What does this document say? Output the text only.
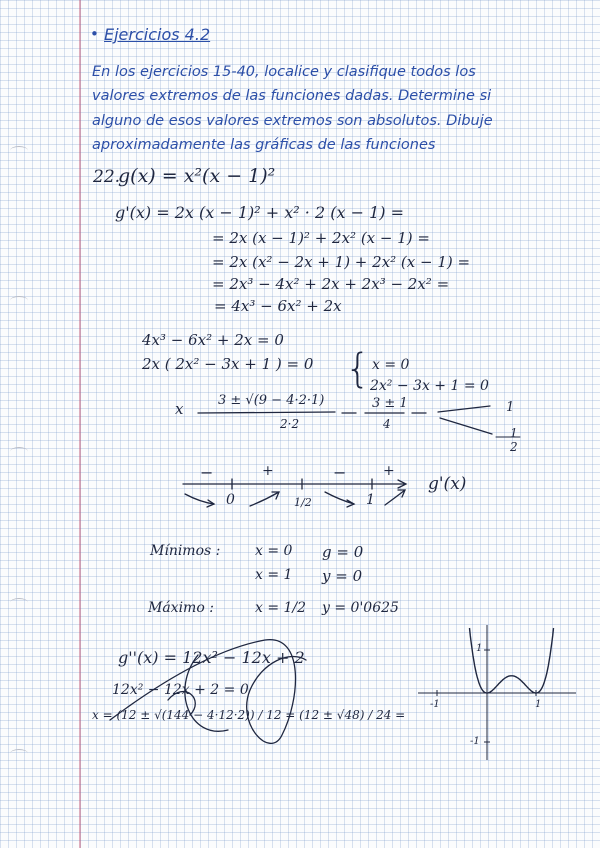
• Ejercicios 4.2
En los ejercicios 15-40, localice y clasifique todos los
valores extremos de las funciones dadas. Determine si
alguno de esos valores extremos son absolutos. Dibuje
aproximadamente las gráficas de las funciones
22.
g(x) = x²(x − 1)²
g'(x) = 2x (x − 1)² + x² · 2 (x − 1) =
= 2x (x − 1)² + 2x² (x − 1) =
= 2x (x² − 2x + 1) + 2x² (x − 1) =
= 2x³ − 4x² + 2x + 2x³ − 2x² =
= 4x³ − 6x² + 2x
4x³ − 6x² + 2x = 0
2x ( 2x² − 3x + 1 ) = 0 { x = 0
2x² − 3x + 1 = 0
x	3 ± √(9 − 4·2·1)
2·2
3 ± 1
4
1
1
2
−	+	−	+
0	1/2	1
g'(x)
Mínimos : x = 0 g = 0
x = 1 y = 0
Máximo :	x = 1/2 y = 0'0625
g''(x) = 12x² − 12x + 2
12x² − 12x + 2 = 0
x = (12 ± √(144 − 4·12·2)) / 12 = (12 ± √48) / 24 =
-1	1
1
-1
